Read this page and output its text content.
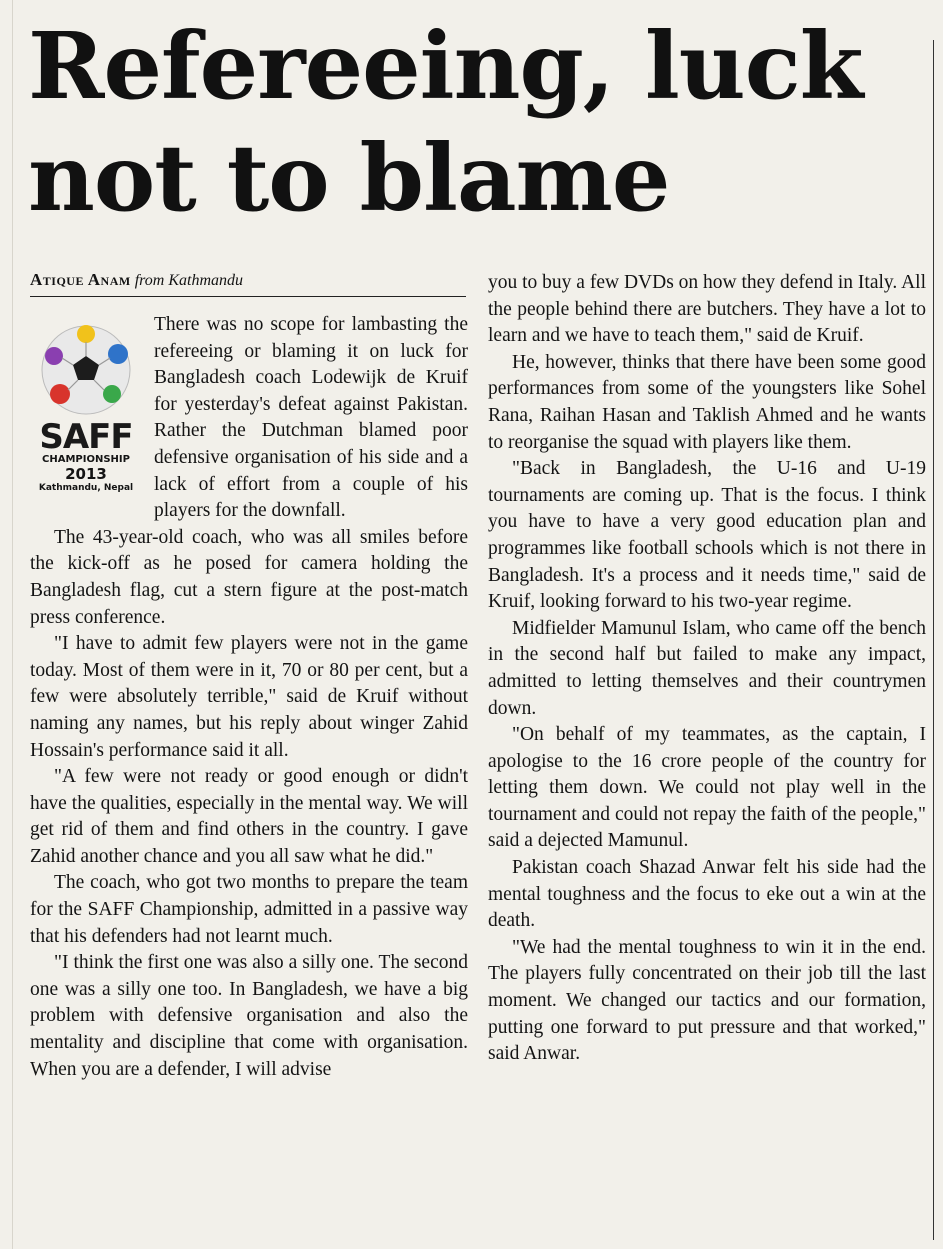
Refereeing, luck not to blame
Atique Anam from Kathmandu
SAFF
CHAMPIONSHIP
2013
Kathmandu, Nepal

There was no scope for lambasting the refereeing or blaming it on luck for Bangladesh coach Lodewijk de Kruif for yesterday's defeat against Pakistan. Rather the Dutchman blamed poor defensive organisation of his side and a lack of effort from a couple of his players for the downfall.

The 43-year-old coach, who was all smiles before the kick-off as he posed for camera holding the Bangladesh flag, cut a stern figure at the post-match press conference.

"I have to admit few players were not in the game today. Most of them were in it, 70 or 80 per cent, but a few were absolutely terrible," said de Kruif without naming any names, but his reply about winger Zahid Hossain's performance said it all.

"A few were not ready or good enough or didn't have the qualities, especially in the mental way. We will get rid of them and find others in the country. I gave Zahid another chance and you all saw what he did."

The coach, who got two months to prepare the team for the SAFF Championship, admitted in a passive way that his defenders had not learnt much.

"I think the first one was also a silly one. The second one was a silly one too. In Bangladesh, we have a big problem with defensive organisation and also the mentality and discipline that come with organisation. When you are a defender, I will advise

you to buy a few DVDs on how they defend in Italy. All the people behind there are butchers. They have a lot to learn and we have to teach them," said de Kruif.

He, however, thinks that there have been some good performances from some of the youngsters like Sohel Rana, Raihan Hasan and Taklish Ahmed and he wants to reorganise the squad with players like them.

"Back in Bangladesh, the U-16 and U-19 tournaments are coming up. That is the focus. I think you have to have a very good education plan and programmes like football schools which is not there in Bangladesh. It's a process and it needs time," said de Kruif, looking forward to his two-year regime.

Midfielder Mamunul Islam, who came off the bench in the second half but failed to make any impact, admitted to letting themselves and their countrymen down.

"On behalf of my teammates, as the captain, I apologise to the 16 crore people of the country for letting them down. We could not play well in the tournament and could not repay the faith of the people," said a dejected Mamunul.

Pakistan coach Shazad Anwar felt his side had the mental toughness and the focus to eke out a win at the death.

"We had the mental toughness to win it in the end. The players fully concentrated on their job till the last moment. We changed our tactics and our formation, putting one forward to put pressure and that worked," said Anwar.
